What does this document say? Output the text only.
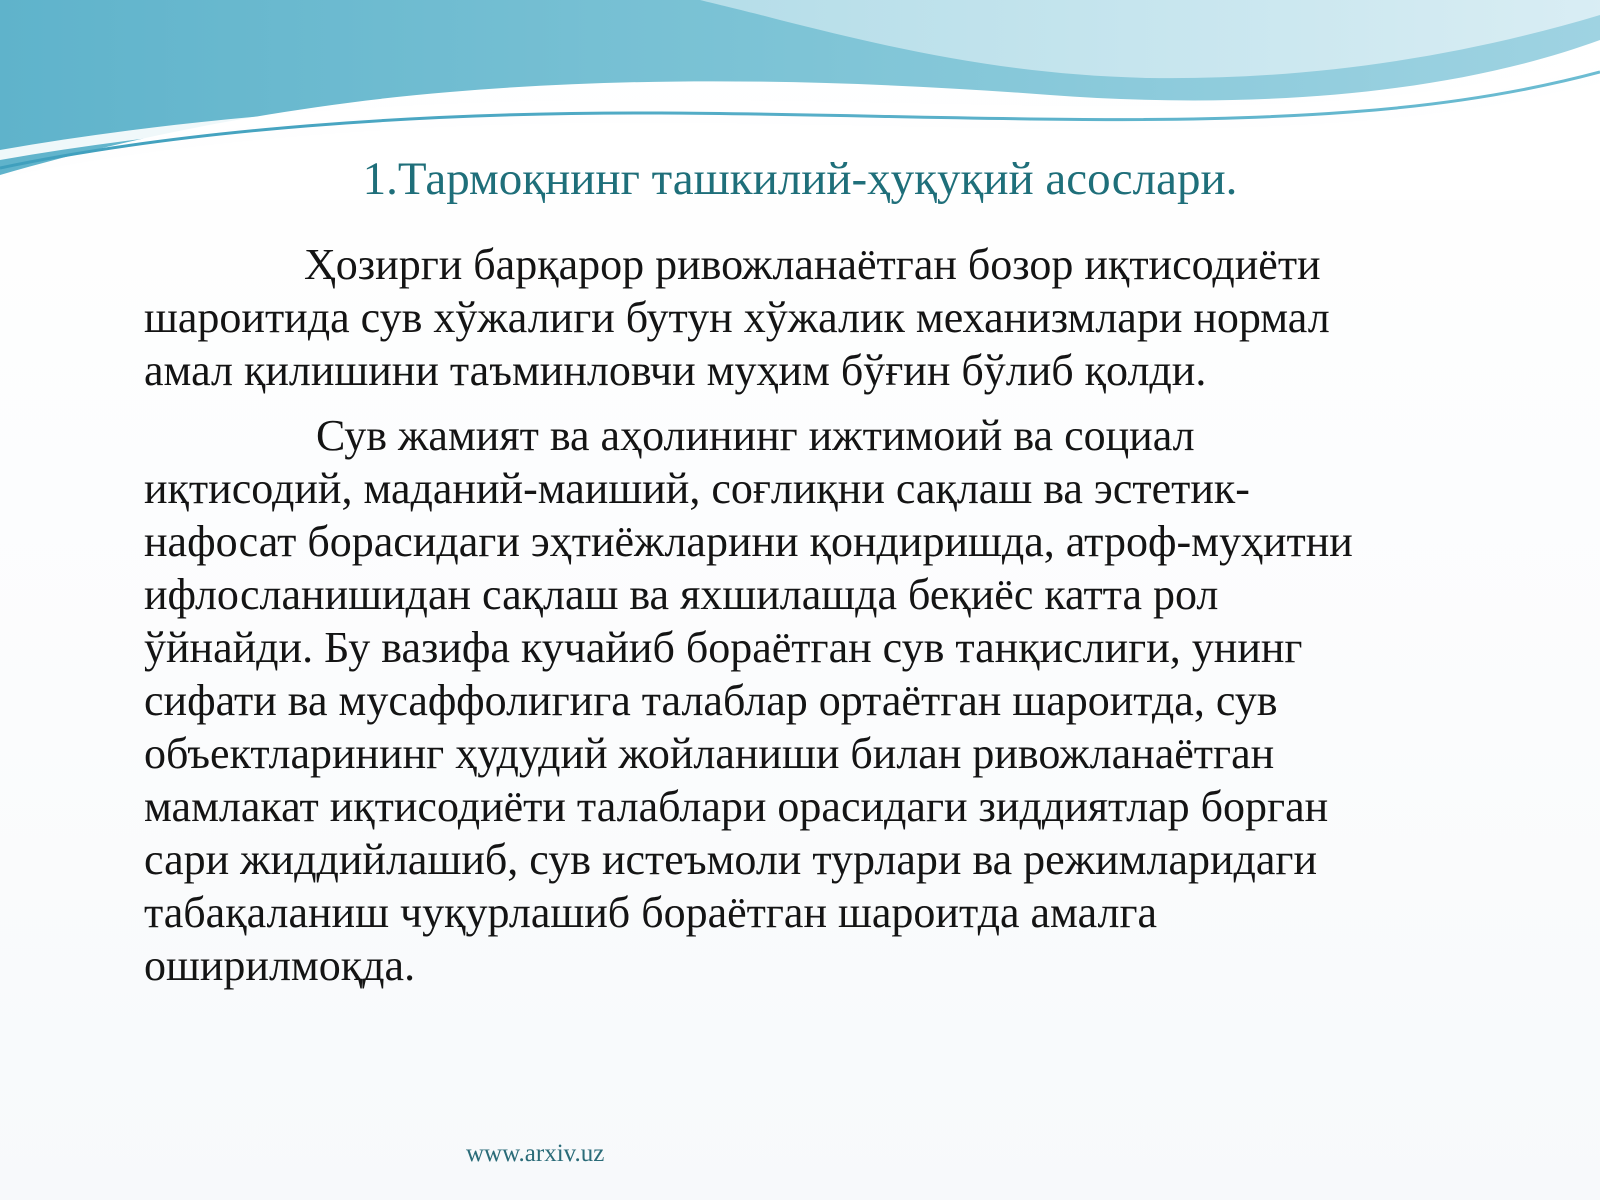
1.Тармоқнинг ташкилий-ҳуқуқий асослари.

Ҳозирги барқарор ривожланаётган бозор иқтисодиёти
шароитида сув хўжалиги бутун хўжалик механизмлари нормал
амал қилишини таъминловчи муҳим бўғин бўлиб қолди.

Сув жамият ва аҳолининг ижтимоий ва социал
иқтисодий, маданий-маиший, соғлиқни сақлаш ва эстетик-
нафосат борасидаги эҳтиёжларини қондиришда, атроф-муҳитни
ифлосланишидан сақлаш ва яхшилашда беқиёс катта рол
ўйнайди. Бу вазифа кучайиб бораётган сув танқислиги, унинг
сифати ва мусаффолигига талаблар ортаётган шароитда, сув
объектларининг ҳудудий жойланиши билан ривожланаётган
мамлакат иқтисодиёти талаблари орасидаги зиддиятлар борган
сари жиддийлашиб, сув истеъмоли турлари ва режимларидаги
табақаланиш чуқурлашиб бораётган шароитда амалга
оширилмоқда.

www.arxiv.uz
